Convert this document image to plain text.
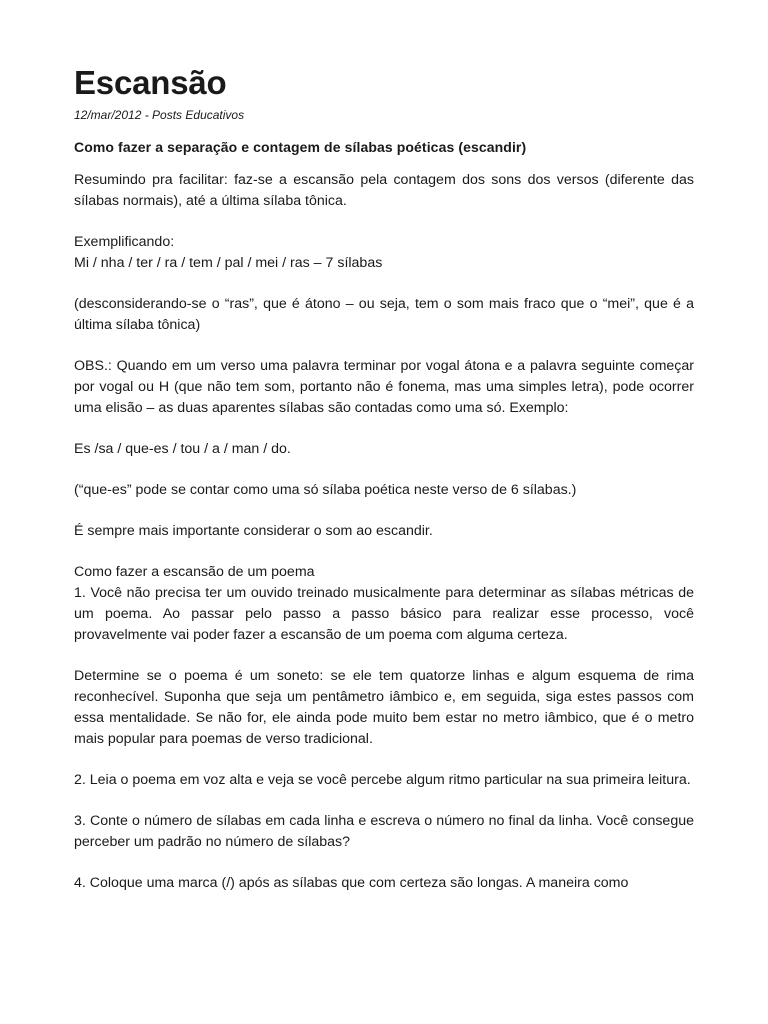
Escansão
12/mar/2012 - Posts Educativos
Como fazer a separação e contagem de sílabas poéticas (escandir)

Resumindo pra facilitar: faz-se a escansão pela contagem dos sons dos versos (diferente das sílabas normais), até a última sílaba tônica.

Exemplificando:
Mi / nha / ter / ra / tem / pal / mei / ras – 7 sílabas

(desconsiderando-se o “ras”, que é átono – ou seja, tem o som mais fraco que o “mei”, que é a última sílaba tônica)

OBS.: Quando em um verso uma palavra terminar por vogal átona e a palavra seguinte começar por vogal ou H (que não tem som, portanto não é fonema, mas uma simples letra), pode ocorrer uma elisão – as duas aparentes sílabas são contadas como uma só. Exemplo:

Es /sa / que-es / tou / a / man / do.

(“que-es” pode se contar como uma só sílaba poética neste verso de 6 sílabas.)

É sempre mais importante considerar o som ao escandir.

Como fazer a escansão de um poema
1. Você não precisa ter um ouvido treinado musicalmente para determinar as sílabas métricas de um poema. Ao passar pelo passo a passo básico para realizar esse processo, você provavelmente vai poder fazer a escansão de um poema com alguma certeza.

Determine se o poema é um soneto: se ele tem quatorze linhas e algum esquema de rima reconhecível. Suponha que seja um pentâmetro iâmbico e, em seguida, siga estes passos com essa mentalidade. Se não for, ele ainda pode muito bem estar no metro iâmbico, que é o metro mais popular para poemas de verso tradicional.

2. Leia o poema em voz alta e veja se você percebe algum ritmo particular na sua primeira leitura.

3. Conte o número de sílabas em cada linha e escreva o número no final da linha. Você consegue perceber um padrão no número de sílabas?

4. Coloque uma marca (/) após as sílabas que com certeza são longas. A maneira como
